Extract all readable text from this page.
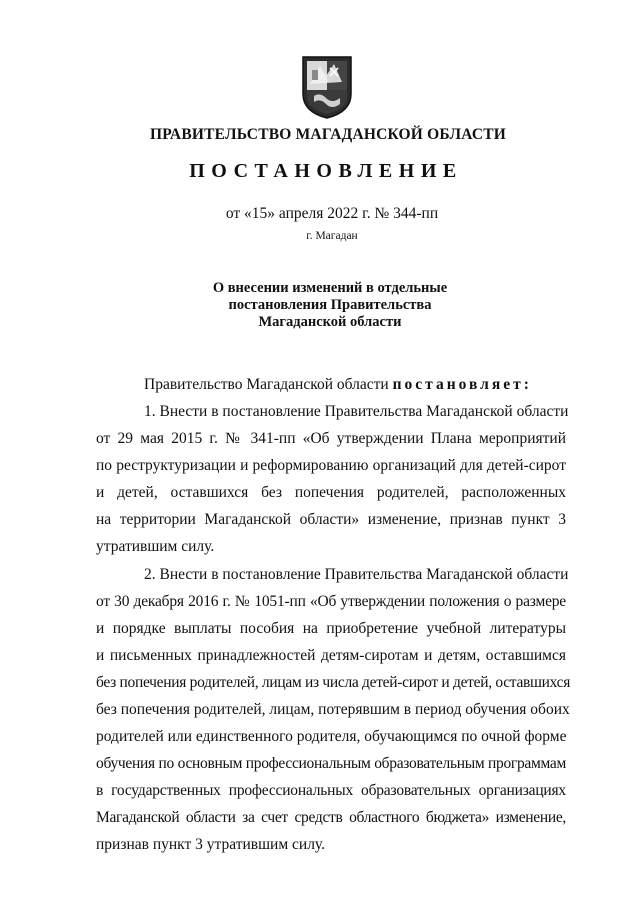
ПРАВИТЕЛЬСТВО МАГАДАНСКОЙ ОБЛАСТИ
ПОСТАНОВЛЕНИЕ
от «15» апреля 2022 г. № 344-пп
г. Магадан
О внесении изменений в отдельные
постановления Правительства
Магаданской области
Правительство Магаданской области постановляет:
1. Внести в постановление Правительства Магаданской области
от 29 мая 2015 г. № 341-пп «Об утверждении Плана мероприятий
по реструктуризации и реформированию организаций для детей-сирот
и детей, оставшихся без попечения родителей, расположенных
на территории Магаданской области» изменение, признав пункт 3
утратившим силу.
2. Внести в постановление Правительства Магаданской области
от 30 декабря 2016 г. № 1051-пп «Об утверждении положения о размере
и порядке выплаты пособия на приобретение учебной литературы
и письменных принадлежностей детям-сиротам и детям, оставшимся
без попечения родителей, лицам из числа детей-сирот и детей, оставшихся
без попечения родителей, лицам, потерявшим в период обучения обоих
родителей или единственного родителя, обучающимся по очной форме
обучения по основным профессиональным образовательным программам
в государственных профессиональных образовательных организациях
Магаданской области за счет средств областного бюджета» изменение,
признав пункт 3 утратившим силу.
